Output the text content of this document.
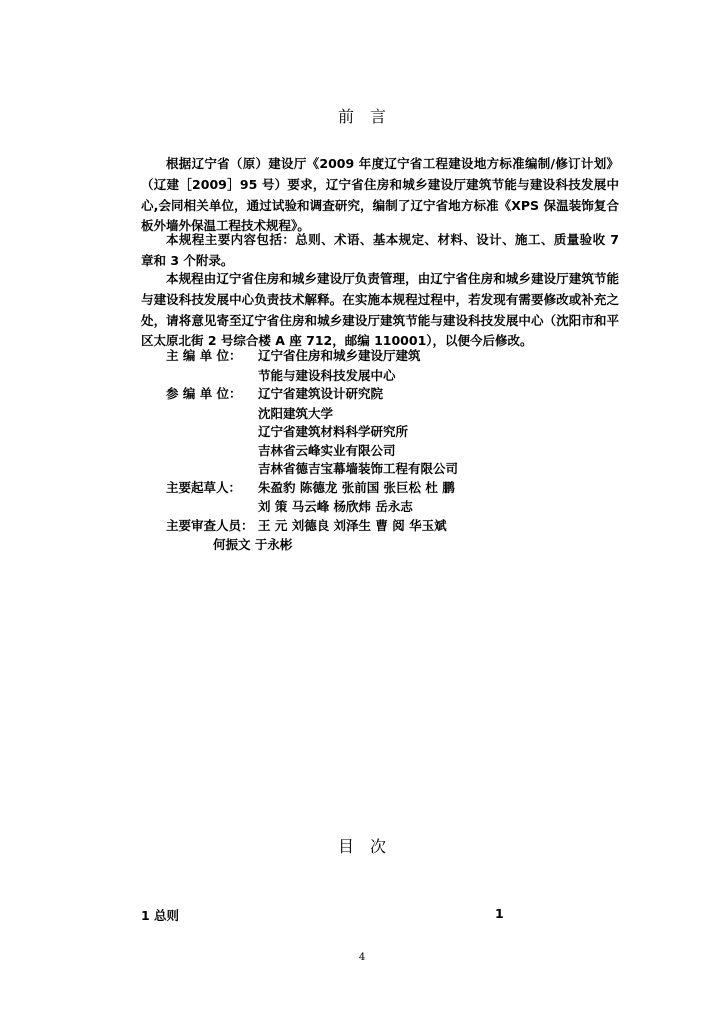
前　言
根据辽宁省（原）建设厅《2009 年度辽宁省工程建设地方标准编制/修订计划》（辽建［2009］95 号）要求，辽宁省住房和城乡建设厅建筑节能与建设科技发展中心,会同相关单位，通过试验和调查研究，编制了辽宁省地方标准《XPS 保温装饰复合板外墙外保温工程技术规程》。
本规程主要内容包括：总则、术语、基本规定、材料、设计、施工、质量验收 7 章和 3 个附录。
本规程由辽宁省住房和城乡建设厅负责管理，由辽宁省住房和城乡建设厅建筑节能与建设科技发展中心负责技术解释。在实施本规程过程中，若发现有需要修改或补充之处，请将意见寄至辽宁省住房和城乡建设厅建筑节能与建设科技发展中心（沈阳市和平区太原北街 2 号综合楼 A 座 712，邮编 110001），以便今后修改。
主 编 单 位： 辽宁省住房和城乡建设厅建筑
节能与建设科技发展中心
参 编 单 位： 辽宁省建筑设计研究院
沈阳建筑大学
辽宁省建筑材料科学研究所
吉林省云峰实业有限公司
吉林省德吉宝幕墙装饰工程有限公司
主要起草人： 朱盈豹 陈德龙 张前国 张巨松 杜 鹏
刘 策 马云峰 杨欣炜 岳永志
主要审查人员： 王 元 刘德良 刘泽生 曹 阅 华玉斌
何振文 于永彬
目　次
1 总则	1
4
